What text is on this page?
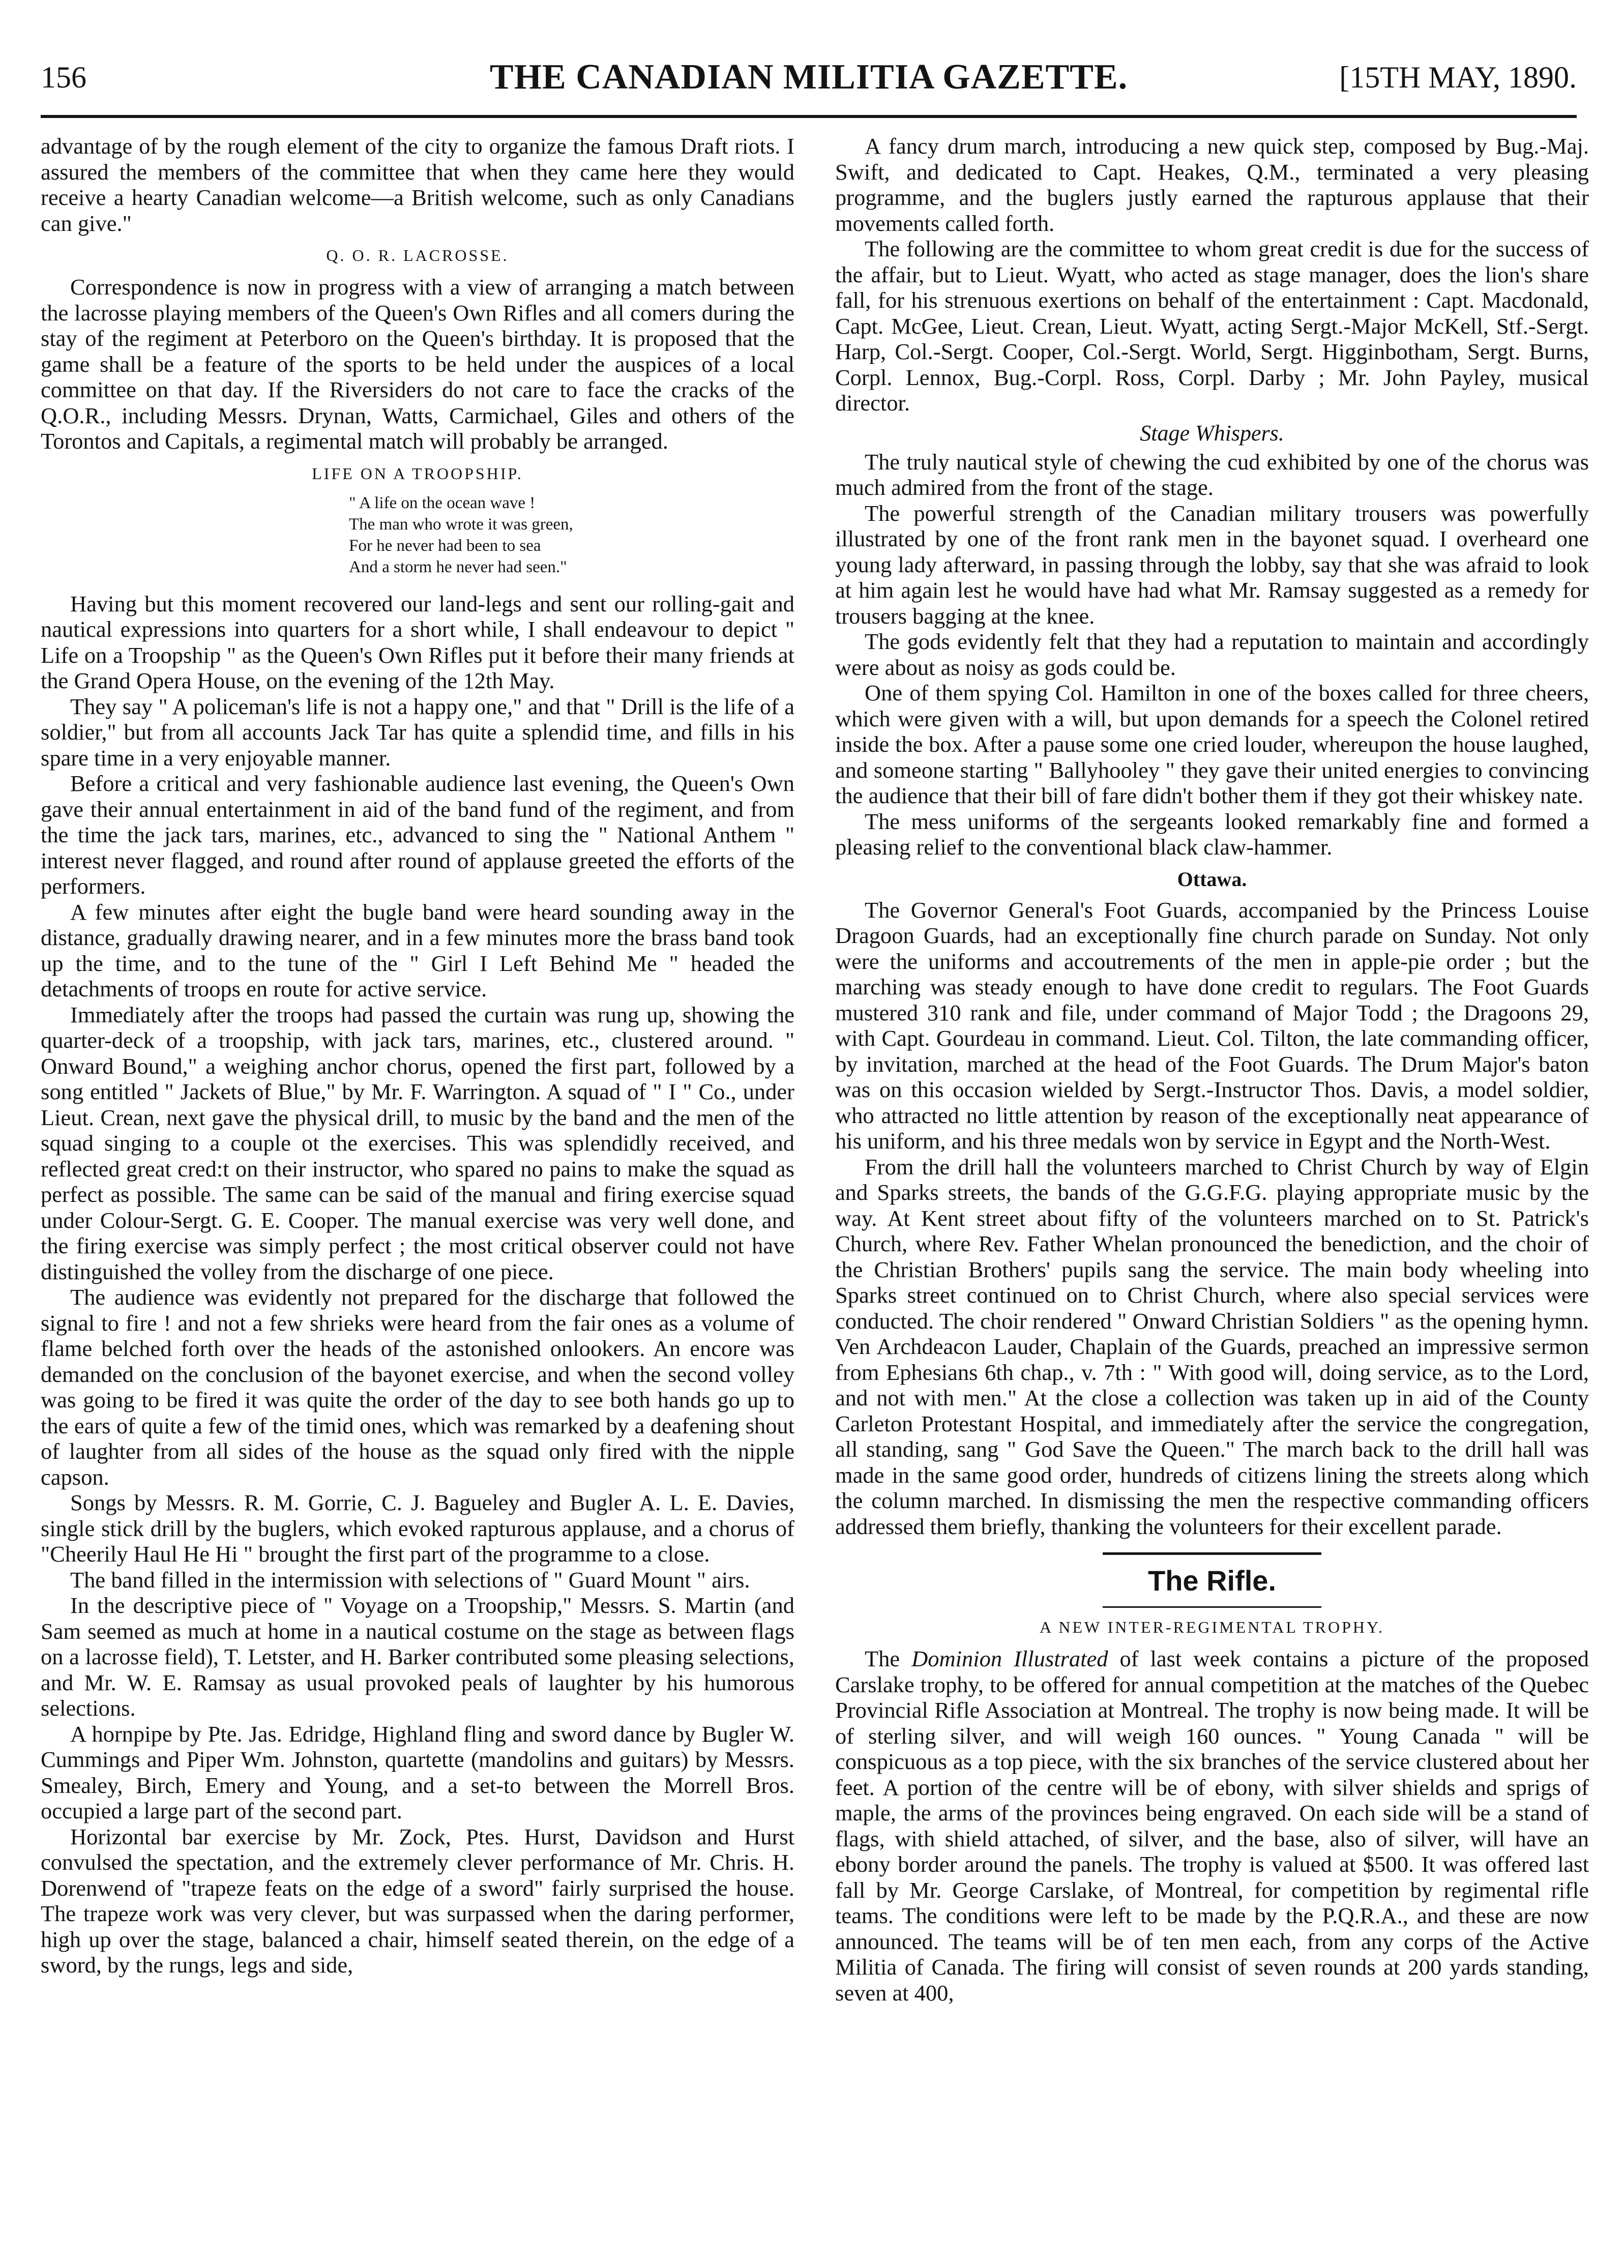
156	THE CANADIAN MILITIA GAZETTE.	[15TH MAY, 1890.

advantage of by the rough element of the city to organize the famous Draft riots. I assured the members of the committee that when they came here they would receive a hearty Canadian welcome—a British welcome, such as only Canadians can give."

Q. O. R. LACROSSE.

Correspondence is now in progress with a view of arranging a match between the lacrosse playing members of the Queen's Own Rifles and all comers during the stay of the regiment at Peterboro on the Queen's birthday. It is proposed that the game shall be a feature of the sports to be held under the auspices of a local committee on that day. If the Riversiders do not care to face the cracks of the Q.O.R., including Messrs. Drynan, Watts, Carmichael, Giles and others of the Torontos and Capitals, a regimental match will probably be arranged.

LIFE ON A TROOPSHIP.
" A life on the ocean wave !
The man who wrote it was green,
For he never had been to sea
And a storm he never had seen."

Having but this moment recovered our land-legs and sent our rolling-gait and nautical expressions into quarters for a short while, I shall endeavour to depict " Life on a Troopship " as the Queen's Own Rifles put it before their many friends at the Grand Opera House, on the evening of the 12th May.

They say " A policeman's life is not a happy one," and that " Drill is the life of a soldier," but from all accounts Jack Tar has quite a splendid time, and fills in his spare time in a very enjoyable manner.

Before a critical and very fashionable audience last evening, the Queen's Own gave their annual entertainment in aid of the band fund of the regiment, and from the time the jack tars, marines, etc., advanced to sing the " National Anthem " interest never flagged, and round after round of applause greeted the efforts of the performers.

A few minutes after eight the bugle band were heard sounding away in the distance, gradually drawing nearer, and in a few minutes more the brass band took up the time, and to the tune of the " Girl I Left Behind Me " headed the detachments of troops en route for active service.

Immediately after the troops had passed the curtain was rung up, showing the quarter-deck of a troopship, with jack tars, marines, etc., clustered around. " Onward Bound," a weighing anchor chorus, opened the first part, followed by a song entitled " Jackets of Blue," by Mr. F. Warrington. A squad of " I " Co., under Lieut. Crean, next gave the physical drill, to music by the band and the men of the squad singing to a couple ot the exercises. This was splendidly received, and reflected great cred:t on their instructor, who spared no pains to make the squad as perfect as possible. The same can be said of the manual and firing exercise squad under Colour-Sergt. G. E. Cooper. The manual exercise was very well done, and the firing exercise was simply perfect ; the most critical observer could not have distinguished the volley from the discharge of one piece.

The audience was evidently not prepared for the discharge that followed the signal to fire ! and not a few shrieks were heard from the fair ones as a volume of flame belched forth over the heads of the astonished onlookers. An encore was demanded on the conclusion of the bayonet exercise, and when the second volley was going to be fired it was quite the order of the day to see both hands go up to the ears of quite a few of the timid ones, which was remarked by a deafening shout of laughter from all sides of the house as the squad only fired with the nipple capson.

Songs by Messrs. R. M. Gorrie, C. J. Bagueley and Bugler A. L. E. Davies, single stick drill by the buglers, which evoked rapturous applause, and a chorus of "Cheerily Haul He Hi " brought the first part of the programme to a close.

The band filled in the intermission with selections of " Guard Mount " airs.

In the descriptive piece of " Voyage on a Troopship," Messrs. S. Martin (and Sam seemed as much at home in a nautical costume on the stage as between flags on a lacrosse field), T. Letster, and H. Barker contributed some pleasing selections, and Mr. W. E. Ramsay as usual provoked peals of laughter by his humorous selections.

A hornpipe by Pte. Jas. Edridge, Highland fling and sword dance by Bugler W. Cummings and Piper Wm. Johnston, quartette (mandolins and guitars) by Messrs. Smealey, Birch, Emery and Young, and a set-to between the Morrell Bros. occupied a large part of the second part.

Horizontal bar exercise by Mr. Zock, Ptes. Hurst, Davidson and Hurst convulsed the spectation, and the extremely clever performance of Mr. Chris. H. Dorenwend of "trapeze feats on the edge of a sword" fairly surprised the house. The trapeze work was very clever, but was surpassed when the daring performer, high up over the stage, balanced a chair, himself seated therein, on the edge of a sword, by the rungs, legs and side,

A fancy drum march, introducing a new quick step, composed by Bug.-Maj. Swift, and dedicated to Capt. Heakes, Q.M., terminated a very pleasing programme, and the buglers justly earned the rapturous applause that their movements called forth.

The following are the committee to whom great credit is due for the success of the affair, but to Lieut. Wyatt, who acted as stage manager, does the lion's share fall, for his strenuous exertions on behalf of the entertainment : Capt. Macdonald, Capt. McGee, Lieut. Crean, Lieut. Wyatt, acting Sergt.-Major McKell, Stf.-Sergt. Harp, Col.-Sergt. Cooper, Col.-Sergt. World, Sergt. Higginbotham, Sergt. Burns, Corpl. Lennox, Bug.-Corpl. Ross, Corpl. Darby ; Mr. John Payley, musical director.

Stage Whispers.

The truly nautical style of chewing the cud exhibited by one of the chorus was much admired from the front of the stage.

The powerful strength of the Canadian military trousers was powerfully illustrated by one of the front rank men in the bayonet squad. I overheard one young lady afterward, in passing through the lobby, say that she was afraid to look at him again lest he would have had what Mr. Ramsay suggested as a remedy for trousers bagging at the knee.

The gods evidently felt that they had a reputation to maintain and accordingly were about as noisy as gods could be.

One of them spying Col. Hamilton in one of the boxes called for three cheers, which were given with a will, but upon demands for a speech the Colonel retired inside the box. After a pause some one cried louder, whereupon the house laughed, and someone starting " Ballyhooley " they gave their united energies to convincing the audience that their bill of fare didn't bother them if they got their whiskey nate.

The mess uniforms of the sergeants looked remarkably fine and formed a pleasing relief to the conventional black claw-hammer.

Ottawa.

The Governor General's Foot Guards, accompanied by the Princess Louise Dragoon Guards, had an exceptionally fine church parade on Sunday. Not only were the uniforms and accoutrements of the men in apple-pie order ; but the marching was steady enough to have done credit to regulars. The Foot Guards mustered 310 rank and file, under command of Major Todd ; the Dragoons 29, with Capt. Gourdeau in command. Lieut. Col. Tilton, the late commanding officer, by invitation, marched at the head of the Foot Guards. The Drum Major's baton was on this occasion wielded by Sergt.-Instructor Thos. Davis, a model soldier, who attracted no little attention by reason of the exceptionally neat appearance of his uniform, and his three medals won by service in Egypt and the North-West.

From the drill hall the volunteers marched to Christ Church by way of Elgin and Sparks streets, the bands of the G.G.F.G. playing appropriate music by the way. At Kent street about fifty of the volunteers marched on to St. Patrick's Church, where Rev. Father Whelan pronounced the benediction, and the choir of the Christian Brothers' pupils sang the service. The main body wheeling into Sparks street continued on to Christ Church, where also special services were conducted. The choir rendered " Onward Christian Soldiers " as the opening hymn. Ven Archdeacon Lauder, Chaplain of the Guards, preached an impressive sermon from Ephesians 6th chap., v. 7th : " With good will, doing service, as to the Lord, and not with men." At the close a collection was taken up in aid of the County Carleton Protestant Hospital, and immediately after the service the congregation, all standing, sang " God Save the Queen." The march back to the drill hall was made in the same good order, hundreds of citizens lining the streets along which the column marched. In dismissing the men the respective commanding officers addressed them briefly, thanking the volunteers for their excellent parade.

The Rifle.
A NEW INTER-REGIMENTAL TROPHY.

The Dominion Illustrated of last week contains a picture of the proposed Carslake trophy, to be offered for annual competition at the matches of the Quebec Provincial Rifle Association at Montreal. The trophy is now being made. It will be of sterling silver, and will weigh 160 ounces. " Young Canada " will be conspicuous as a top piece, with the six branches of the service clustered about her feet. A portion of the centre will be of ebony, with silver shields and sprigs of maple, the arms of the provinces being engraved. On each side will be a stand of flags, with shield attached, of silver, and the base, also of silver, will have an ebony border around the panels. The trophy is valued at $500. It was offered last fall by Mr. George Carslake, of Montreal, for competition by regimental rifle teams. The conditions were left to be made by the P.Q.R.A., and these are now announced. The teams will be of ten men each, from any corps of the Active Militia of Canada. The firing will consist of seven rounds at 200 yards standing, seven at 400,
